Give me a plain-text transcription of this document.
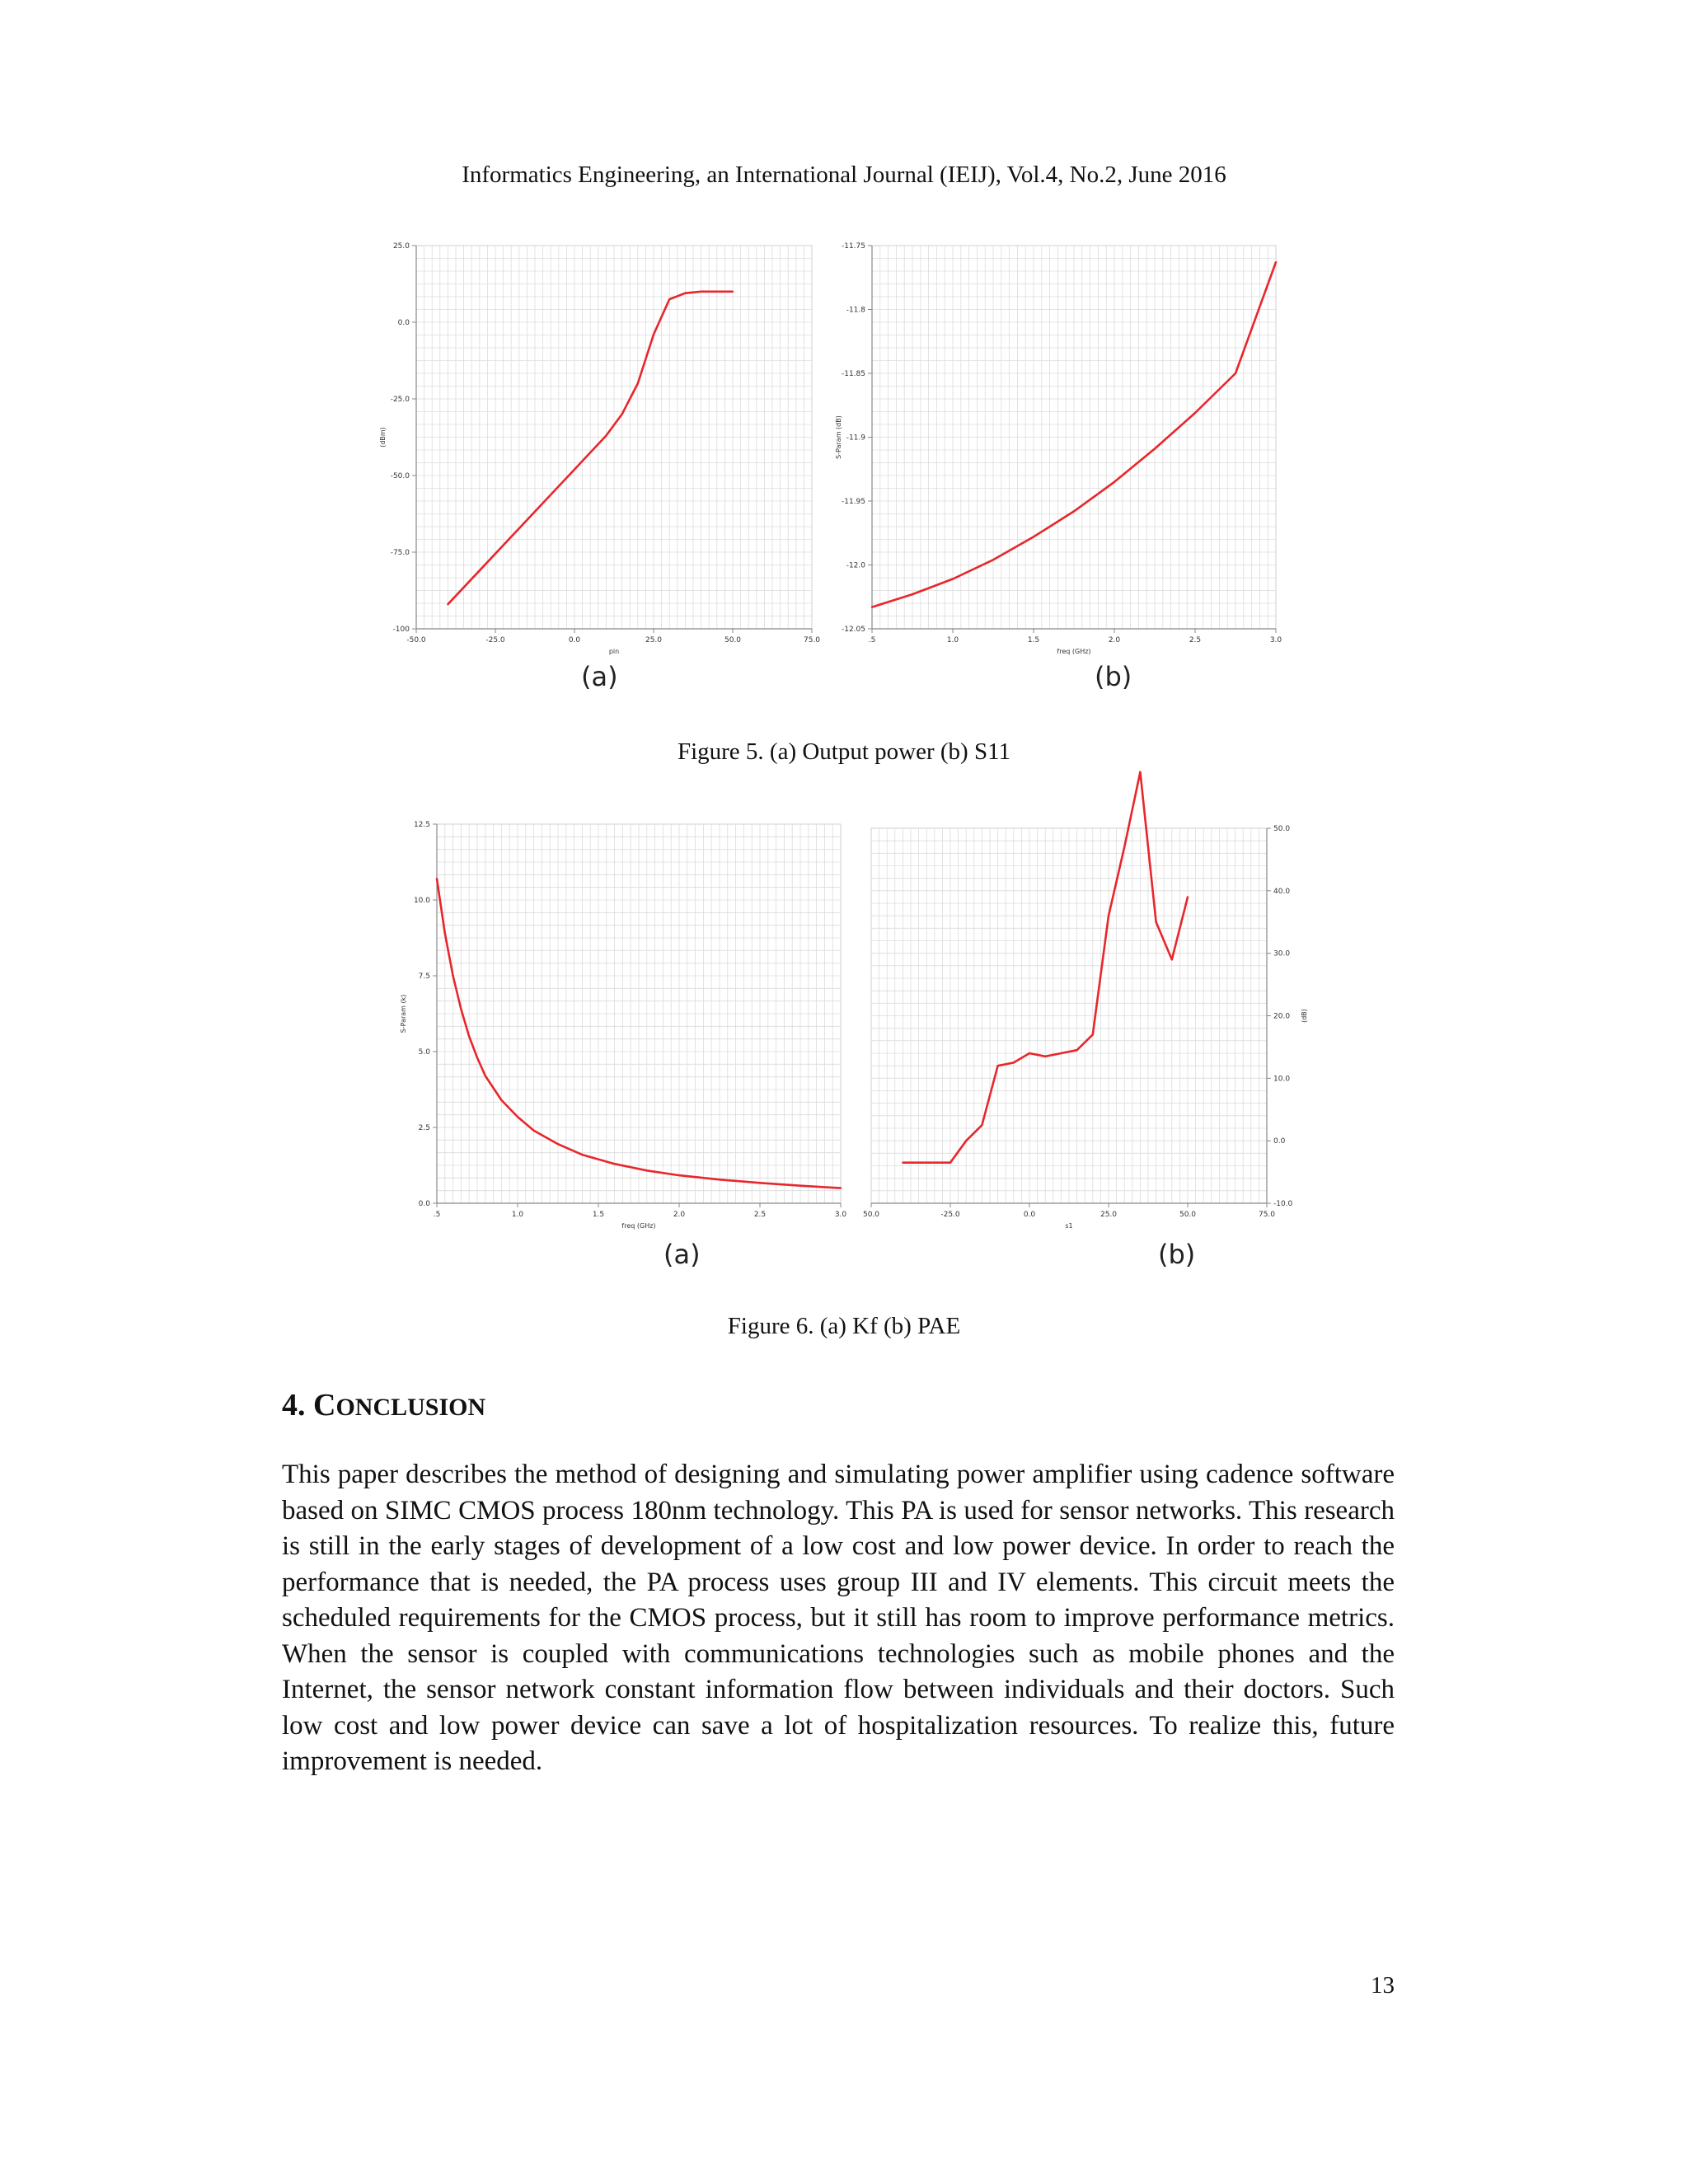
Informatics Engineering, an International Journal (IEIJ), Vol.4, No.2, June 2016
-50.0	-25.0	0.0	25.0	50.0	75.0
-100
-75.0
-50.0
-25.0
0.0
25.0
pin
(dBm)
(a)
.5	1.0	1.5	2.0	2.5	3.0
-12.05
-12.0
-11.95
-11.9
-11.85
-11.8
-11.75
freq (GHz)
S-Param (dB)
(b)
Figure 5. (a) Output power (b) S11
.5	1.0	1.5	2.0	2.5	3.0
0.0
2.5
5.0
7.5
10.0
12.5
freq (GHz)
S-Param (k)
(a)
50.0	-25.0	0.0	25.0	50.0	75.0
-10.0
0.0
10.0
20.0
30.0
40.0
50.0
s1
(dB)
(b)
Figure 6. (a) Kf (b) PAE
4. CONCLUSION

This paper describes the method of designing and simulating power amplifier using cadence software based on SIMC CMOS process 180nm technology. This PA is used for sensor networks. This research is still in the early stages of development of a low cost and low power device. In order to reach the performance that is needed, the PA process uses group III and IV elements. This circuit meets the scheduled requirements for the CMOS process, but it still has room to improve performance metrics. When the sensor is coupled with communications technologies such as mobile phones and the Internet, the sensor network constant information flow between individuals and their doctors. Such low cost and low power device can save a lot of hospitalization resources. To realize this, future improvement is needed.

13
